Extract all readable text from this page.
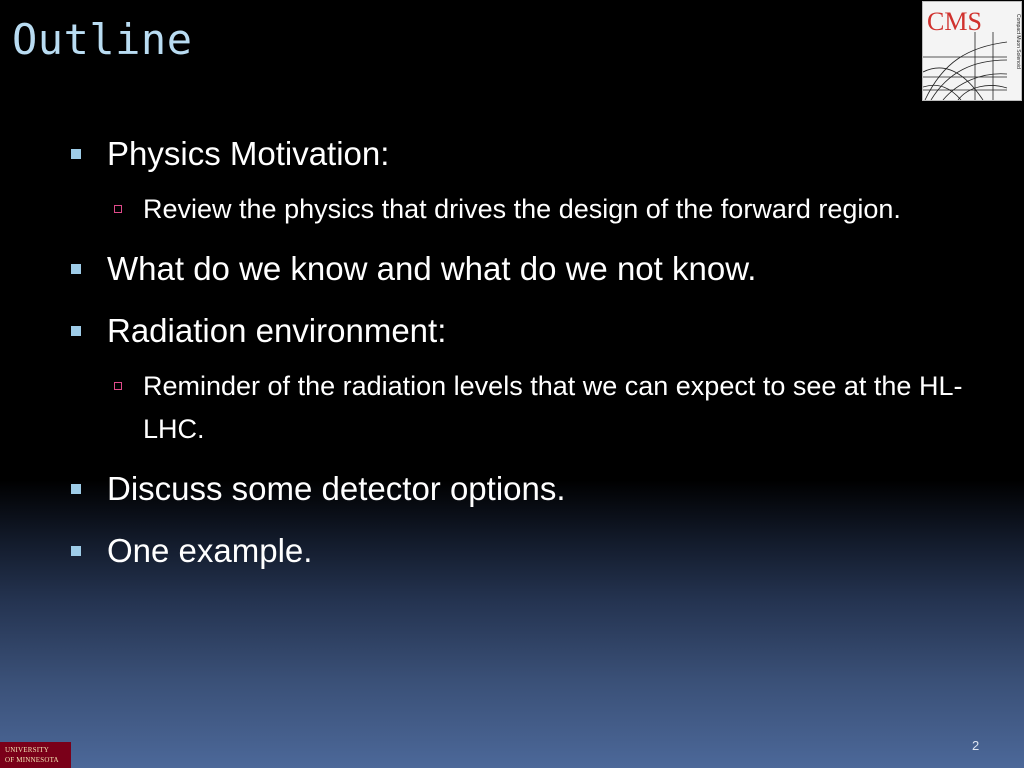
Outline	CMS	Compact Muon Solenoid
Physics Motivation:
Review the physics that drives the design of the forward region.
What do we know and what do we not know.
Radiation environment:
Reminder of the radiation levels that we can expect to see at the HL-LHC.
Discuss some detector options.
One example.
UNIVERSITY
OF MINNESOTA
2
